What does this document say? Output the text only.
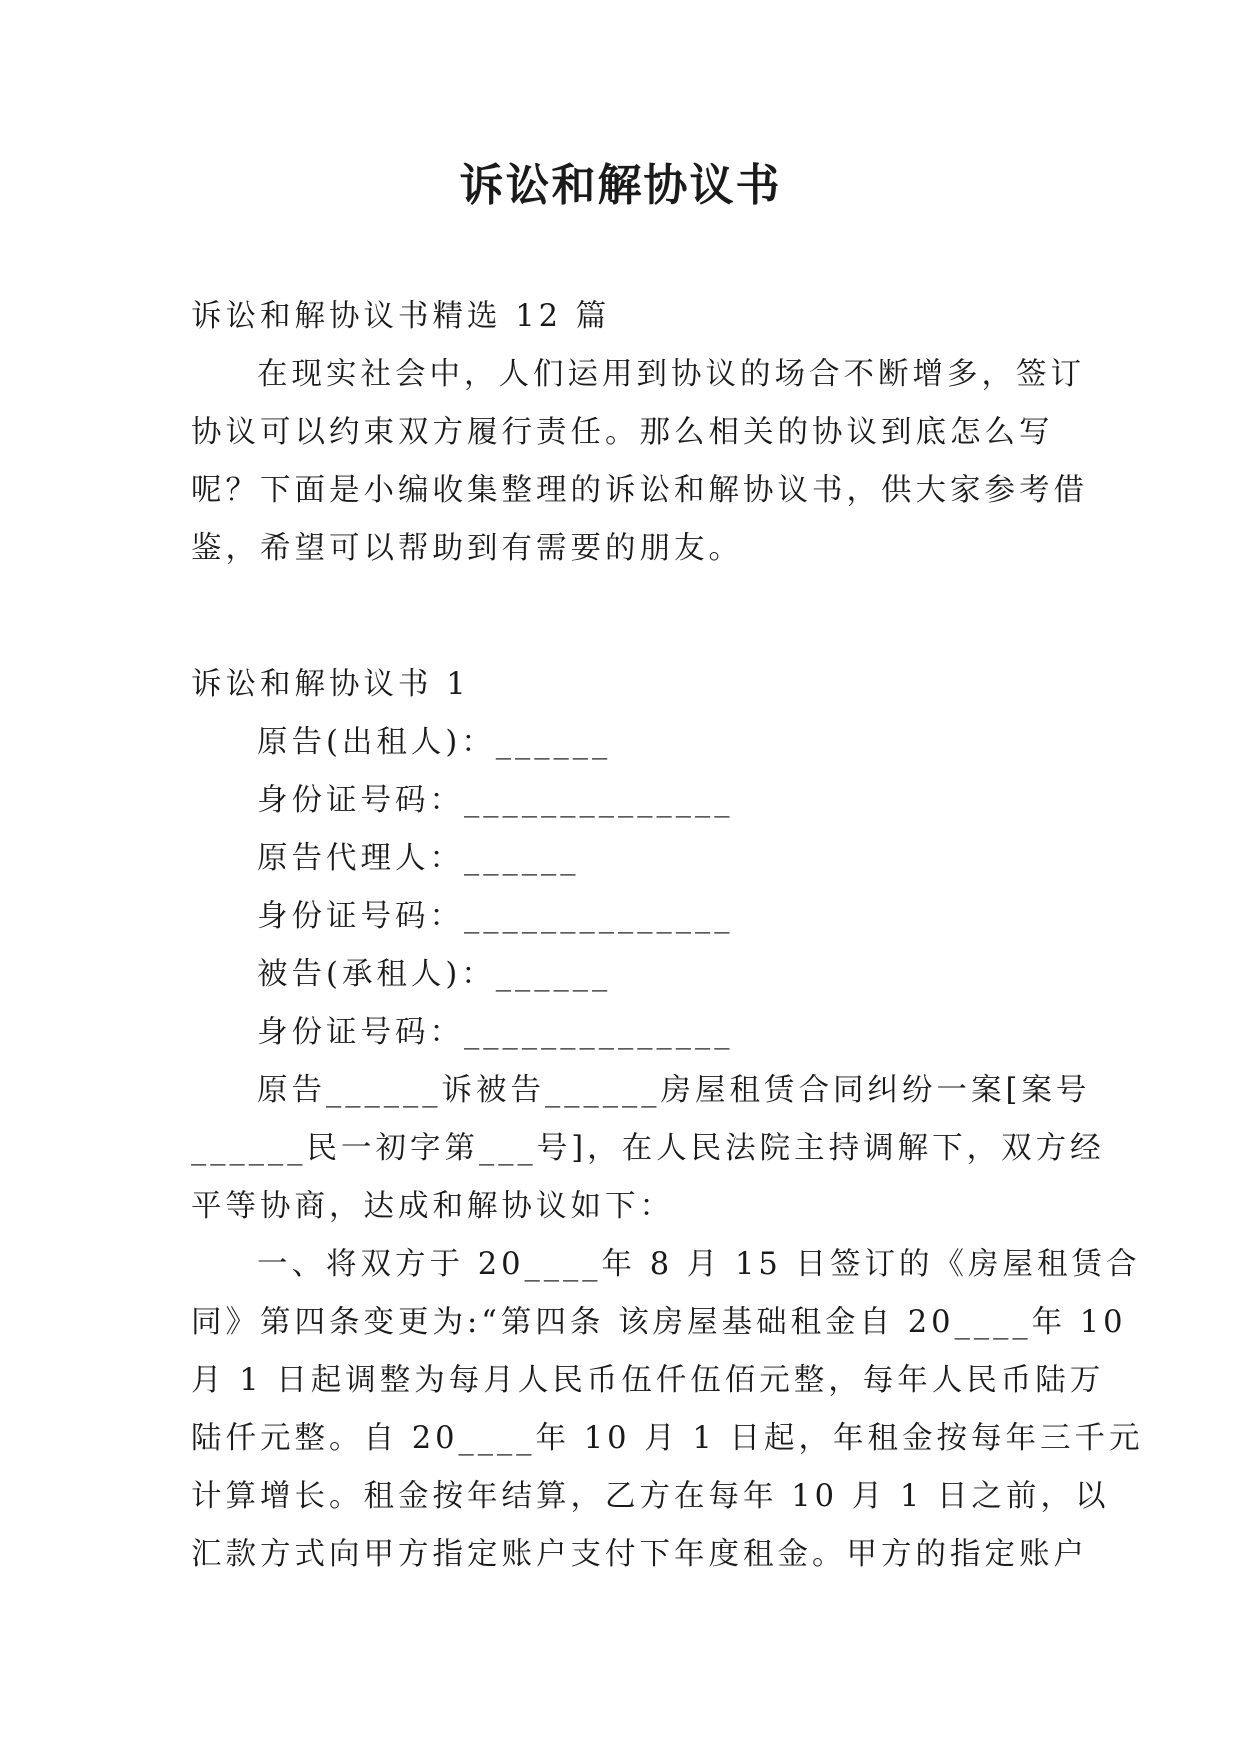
诉讼和解协议书
诉讼和解协议书精选 12 篇
在现实社会中，人们运用到协议的场合不断增多，签订
协议可以约束双方履行责任。那么相关的协议到底怎么写
呢？下面是小编收集整理的诉讼和解协议书，供大家参考借
鉴，希望可以帮助到有需要的朋友。
诉讼和解协议书 1
原告(出租人)：______
身份证号码：______________
原告代理人：______
身份证号码：______________
被告(承租人)：______
身份证号码：______________
原告______诉被告______房屋租赁合同纠纷一案[案号
______民一初字第___号]，在人民法院主持调解下，双方经
平等协商，达成和解协议如下：
一、将双方于 20____年 8 月 15 日签订的《房屋租赁合
同》第四条变更为:“第四条 该房屋基础租金自 20____年 10
月 1 日起调整为每月人民币伍仟伍佰元整，每年人民币陆万
陆仟元整。自 20____年 10 月 1 日起，年租金按每年三千元
计算增长。租金按年结算，乙方在每年 10 月 1 日之前，以
汇款方式向甲方指定账户支付下年度租金。甲方的指定账户
